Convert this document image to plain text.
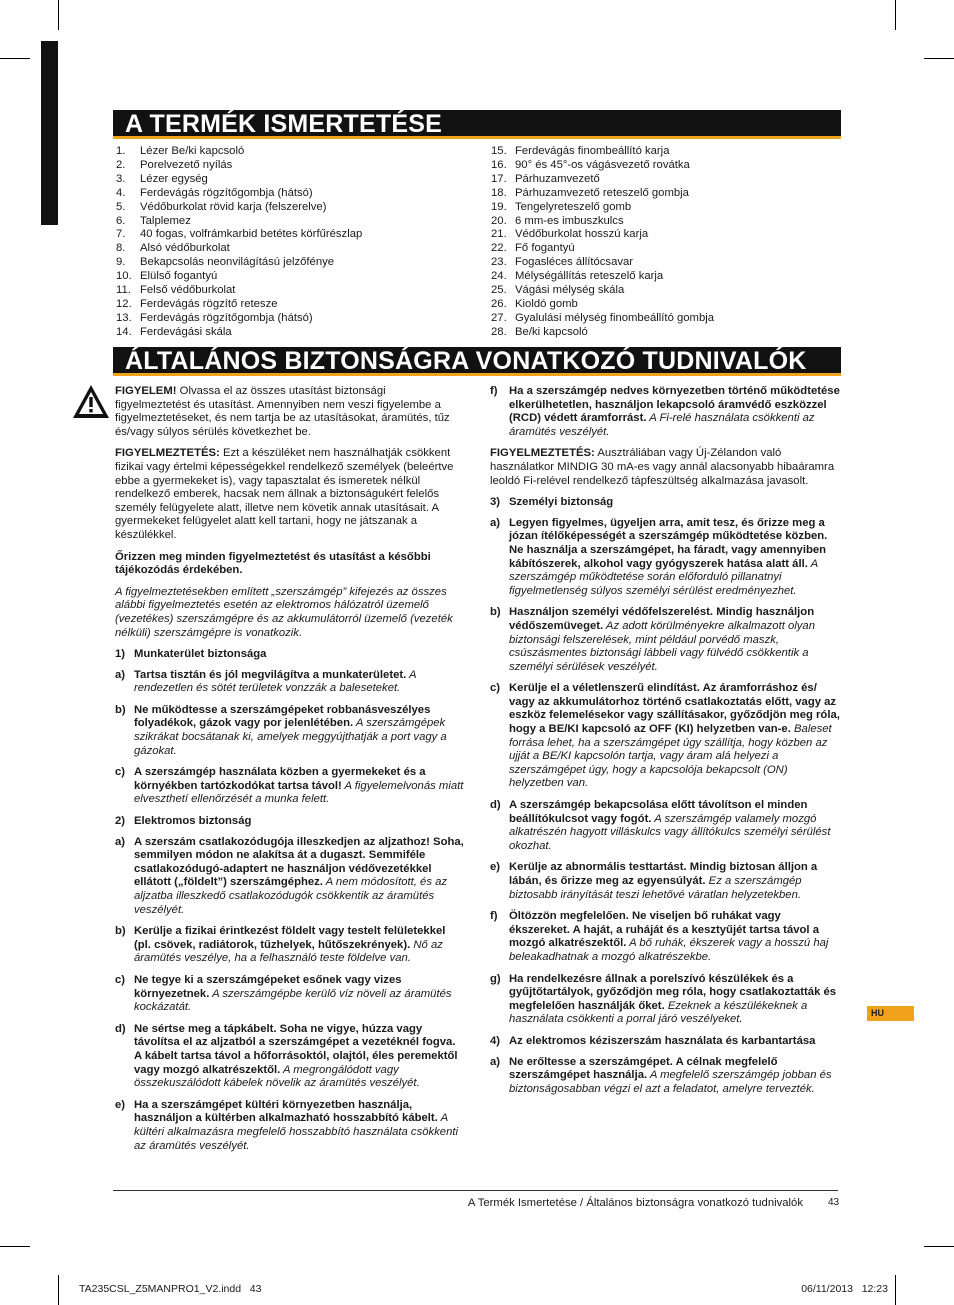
A TERMÉK ISMERTETÉSE
1.	Lézer Be/ki kapcsoló
2.	Porelvezető nyílás
3.	Lézer egység
4.	Ferdevágás rögzítőgombja (hátsó)
5.	Védőburkolat rövid karja (felszerelve)
6.	Talplemez
7.	40 fogas, volfrámkarbid betétes körfűrészlap
8.	Alsó védőburkolat
9.	Bekapcsolás neonvilágítású jelzőfénye
10. Elülső fogantyú
11. Felső védőburkolat
12. Ferdevágás rögzítő retesze
13. Ferdevágás rögzítőgombja (hátsó)
14. Ferdevágási skála
15. Ferdevágás finombeállító karja
16. 90° és 45°-os vágásvezető rovátka
17. Párhuzamvezető
18. Párhuzamvezető reteszelő gombja
19. Tengelyreteszelő gomb
20. 6 mm-es imbuszkulcs
21. Védőburkolat hosszú karja
22. Fő fogantyú
23. Fogasléces állítócsavar
24. Mélységállítás reteszelő karja
25. Vágási mélység skála
26. Kioldó gomb
27. Gyalulási mélység finombeállító gombja
28. Be/ki kapcsoló
ÁLTALÁNOS BIZTONSÁGRA VONATKOZÓ TUDNIVALÓK

FIGYELEM! Olvassa el az összes utasítást biztonsági figyelmeztetést és utasítást. Amennyiben nem veszi figyelembe a figyelmeztetéseket, és nem tartja be az utasításokat, áramütés, tűz és/vagy súlyos sérülés következhet be.

FIGYELMEZTETÉS: Ezt a készüléket nem használhatják csökkent fizikai vagy értelmi képességekkel rendelkező személyek (beleértve ebbe a gyermekeket is), vagy tapasztalat és ismeretek nélkül rendelkező emberek, hacsak nem állnak a biztonságukért felelős személy felügyelete alatt, illetve nem követik annak utasításait. A gyermekeket felügyelet alatt kell tartani, hogy ne játszanak a készülékkel.

Őrizzen meg minden figyelmeztetést és utasítást a későbbi tájékozódás érdekében.

A figyelmeztetésekben említett „szerszámgép” kifejezés az összes alábbi figyelmeztetés esetén az elektromos hálózatról üzemelő (vezetékes) szerszámgépre és az akkumulátorról üzemelő (vezeték nélküli) szerszámgépre is vonatkozik.

1) Munkaterület biztonsága
a) Tartsa tisztán és jól megvilágítva a munkaterületet. A rendezetlen és sötét területek vonzzák a baleseteket.
b) Ne működtesse a szerszámgépeket robbanásveszélyes folyadékok, gázok vagy por jelenlétében. A szerszámgépek szikrákat bocsátanak ki, amelyek meggyújthatják a port vagy a gázokat.
c) A szerszámgép használata közben a gyermekeket és a környékben tartózkodókat tartsa távol! A figyelemelvonás miatt elveszthetí ellenőrzését a munka felett.
2) Elektromos biztonság
a) A szerszám csatlakozódugója illeszkedjen az aljzathoz! Soha, semmilyen módon ne alakítsa át a dugaszt. Semmiféle csatlakozódugó-adaptert ne használjon védővezetékkel ellátott („földelt”) szerszámgéphez. A nem módosított, és az aljzatba illeszkedő csatlakozódugók csökkentik az áramütés veszélyét.
b) Kerülje a fizikai érintkezést földelt vagy testelt felületekkel (pl. csövek, radiátorok, tűzhelyek, hűtőszekrények). Nő az áramütés veszélye, ha a felhasználó teste földelve van.
c) Ne tegye ki a szerszámgépeket esőnek vagy vizes környezetnek. A szerszámgépbe kerülő víz növeli az áramütés kockázatát.
d) Ne sértse meg a tápkábelt. Soha ne vigye, húzza vagy távolítsa el az aljzatból a szerszámgépet a vezetéknél fogva. A kábelt tartsa távol a hőforrásoktól, olajtól, éles peremektől vagy mozgó alkatrészektől. A megrongálódott vagy összekuszálódott kábelek növelik az áramütés veszélyét.
e) Ha a szerszámgépet kültéri környezetben használja, használjon a kültérben alkalmazható hosszabbító kábelt. A kültéri alkalmazásra megfelelő hosszabbító használata csökkenti az áramütés veszélyét.
f)	Ha a szerszámgép nedves környezetben történő működtetése elkerülhetetlen, használjon lekapcsoló áramvédő eszközzel (RCD) védett áramforrást. A Fi-relé használata csökkenti az áramütés veszélyét.

FIGYELMEZTETÉS: Ausztráliában vagy Új-Zélandon való használatkor MINDIG 30 mA-es vagy annál alacsonyabb hibaáramra leoldó Fi-relével rendelkező tápfeszültség alkalmazása javasolt.

3) Személyi biztonság
a) Legyen figyelmes, ügyeljen arra, amit tesz, és őrizze meg a józan ítélőképességét a szerszámgép működtetése közben. Ne használja a szerszámgépet, ha fáradt, vagy amennyiben kábítószerek, alkohol vagy gyógyszerek hatása alatt áll. A szerszámgép működtetése során előforduló pillanatnyi figyelmetlenség súlyos személyi sérülést eredményezhet.
b) Használjon személyi védőfelszerelést. Mindig használjon védőszemüveget. Az adott körülményekre alkalmazott olyan biztonsági felszerelések, mint például porvédő maszk, csúszásmentes biztonsági lábbeli vagy fülvédő csökkentik a személyi sérülések veszélyét.
c) Kerülje el a véletlenszerű elindítást. Az áramforráshoz és/ vagy az akkumulátorhoz történő csatlakoztatás előtt, vagy az eszköz felemelésekor vagy szállításakor, győződjön meg róla, hogy a BE/KI kapcsoló az OFF (KI) helyzetben van-e. Baleset forrása lehet, ha a szerszámgépet úgy szállítja, hogy közben az ujját a BE/KI kapcsolón tartja, vagy áram alá helyezi a szerszámgépet úgy, hogy a kapcsolója bekapcsolt (ON) helyzetben van.
d) A szerszámgép bekapcsolása előtt távolítson el minden beállítókulcsot vagy fogót. A szerszámgép valamely mozgó alkatrészén hagyott villáskulcs vagy állítókulcs személyi sérülést okozhat.
e) Kerülje az abnormális testtartást. Mindig biztosan álljon a lábán, és őrizze meg az egyensúlyát. Ez a szerszámgép biztosabb irányítását teszi lehetővé váratlan helyzetekben.
f)	Öltözzön megfelelően. Ne viseljen bő ruhákat vagy ékszereket. A haját, a ruháját és a kesztyűjét tartsa távol a mozgó alkatrészektől. A bő ruhák, ékszerek vagy a hosszú haj beleakadhatnak a mozgó alkatrészekbe.
g) Ha rendelkezésre állnak a porelszívó készülékek és a gyűjtőtartályok, győződjön meg róla, hogy csatlakoztatták és megfelelően használják őket. Ezeknek a készülékeknek a használata csökkenti a porral járó veszélyeket.
4) Az elektromos kéziszerszám használata és karbantartása
a) Ne erőltesse a szerszámgépet. A célnak megfelelő szerszámgépet használja. A megfelelő szerszámgép jobban és biztonságosabban végzi el azt a feladatot, amelyre tervezték.
HU
A Termék Ismertetése / Általános biztonságra vonatkozó tudnivalók	43
TA235CSL_Z5MANPRO1_V2.indd   43	06/11/2013   12:23
